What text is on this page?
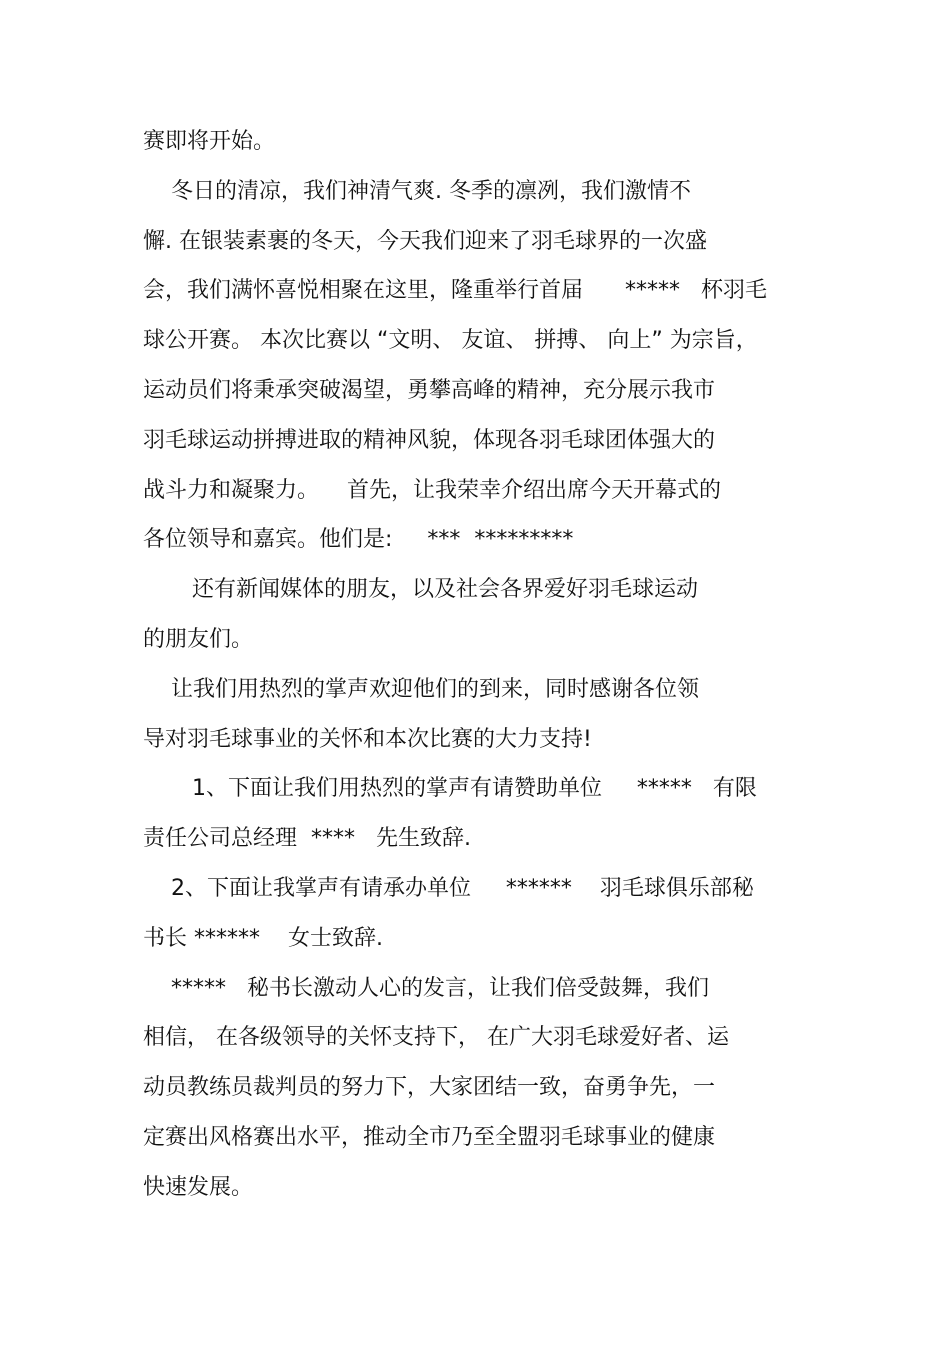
赛即将开始。
冬日的清凉，我们神清气爽. 冬季的凛冽，我们激情不
懈. 在银装素裹的冬天，今天我们迎来了羽毛球界的一次盛
会，我们满怀喜悦相聚在这里，隆重举行首届      *****   杯羽毛
球公开赛。 本次比赛以 “文明、 友谊、 拼搏、 向上” 为宗旨，
运动员们将秉承突破渴望，勇攀高峰的精神，充分展示我市
羽毛球运动拼搏进取的精神风貌，体现各羽毛球团体强大的
战斗力和凝聚力。    首先，让我荣幸介绍出席今天开幕式的
各位领导和嘉宾。他们是:     ***  *********
还有新闻媒体的朋友，以及社会各界爱好羽毛球运动
的朋友们。
让我们用热烈的掌声欢迎他们的到来，同时感谢各位领
导对羽毛球事业的关怀和本次比赛的大力支持!
1、下面让我们用热烈的掌声有请赞助单位     *****   有限
责任公司总经理  ****   先生致辞.
2、下面让我掌声有请承办单位     ******    羽毛球俱乐部秘
书长 ******    女士致辞.
*****   秘书长激动人心的发言，让我们倍受鼓舞，我们
相信， 在各级领导的关怀支持下， 在广大羽毛球爱好者、运
动员教练员裁判员的努力下，大家团结一致，奋勇争先，一
定赛出风格赛出水平，推动全市乃至全盟羽毛球事业的健康
快速发展。
